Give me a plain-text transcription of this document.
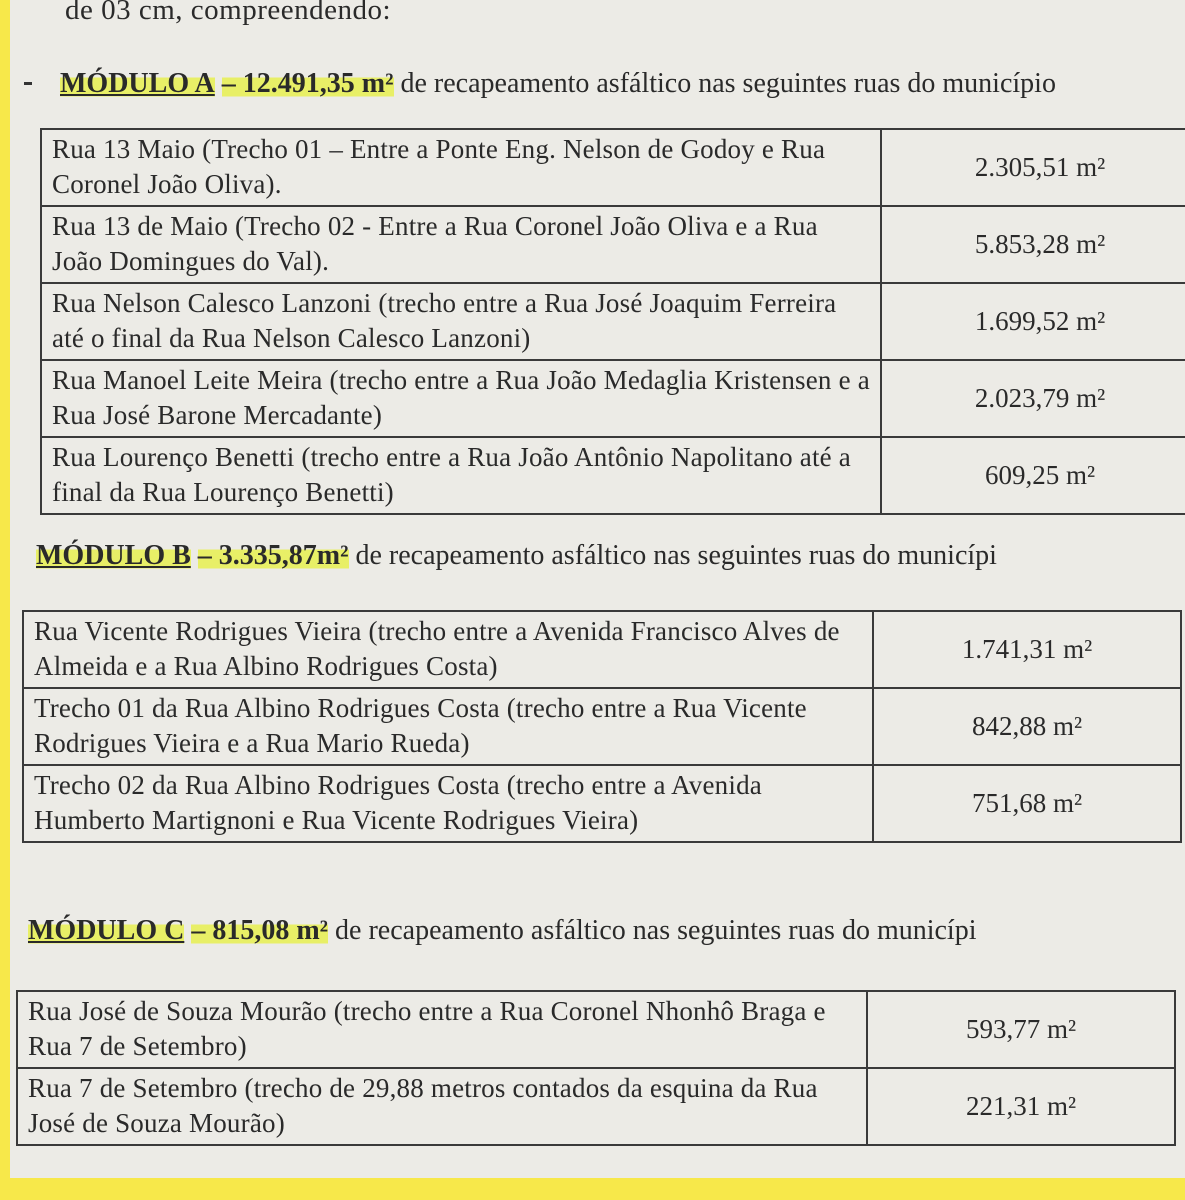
de 03 cm, compreendendo:
MÓDULO A – 12.491,35 m² de recapeamento asfáltico nas seguintes ruas do município
Rua 13 Maio (Trecho 01 – Entre a Ponte Eng. Nelson de Godoy e Rua Coronel João Oliva).	2.305,51 m²
Rua 13 de Maio (Trecho 02 - Entre a Rua Coronel João Oliva e a Rua João Domingues do Val).	5.853,28 m²
Rua Nelson Calesco Lanzoni (trecho entre a Rua José Joaquim Ferreira até o final da Rua Nelson Calesco Lanzoni)	1.699,52 m²
Rua Manoel Leite Meira (trecho entre a Rua João Medaglia Kristensen e a Rua José Barone Mercadante)	2.023,79 m²
Rua Lourenço Benetti (trecho entre a Rua João Antônio Napolitano até a final da Rua Lourenço Benetti)	609,25 m²
MÓDULO B – 3.335,87m² de recapeamento asfáltico nas seguintes ruas do municípi
Rua Vicente Rodrigues Vieira (trecho entre a Avenida Francisco Alves de Almeida e a Rua Albino Rodrigues Costa)	1.741,31 m²
Trecho 01 da Rua Albino Rodrigues Costa (trecho entre a Rua Vicente Rodrigues Vieira e a Rua Mario Rueda)	842,88 m²
Trecho 02 da Rua Albino Rodrigues Costa (trecho entre a Avenida Humberto Martignoni e Rua Vicente Rodrigues Vieira)	751,68 m²
MÓDULO C – 815,08 m² de recapeamento asfáltico nas seguintes ruas do municípi
Rua José de Souza Mourão (trecho entre a Rua Coronel Nhonhô Braga e Rua 7 de Setembro)	593,77 m²
Rua 7 de Setembro (trecho de 29,88 metros contados da esquina da Rua José de Souza Mourão)	221,31 m²
